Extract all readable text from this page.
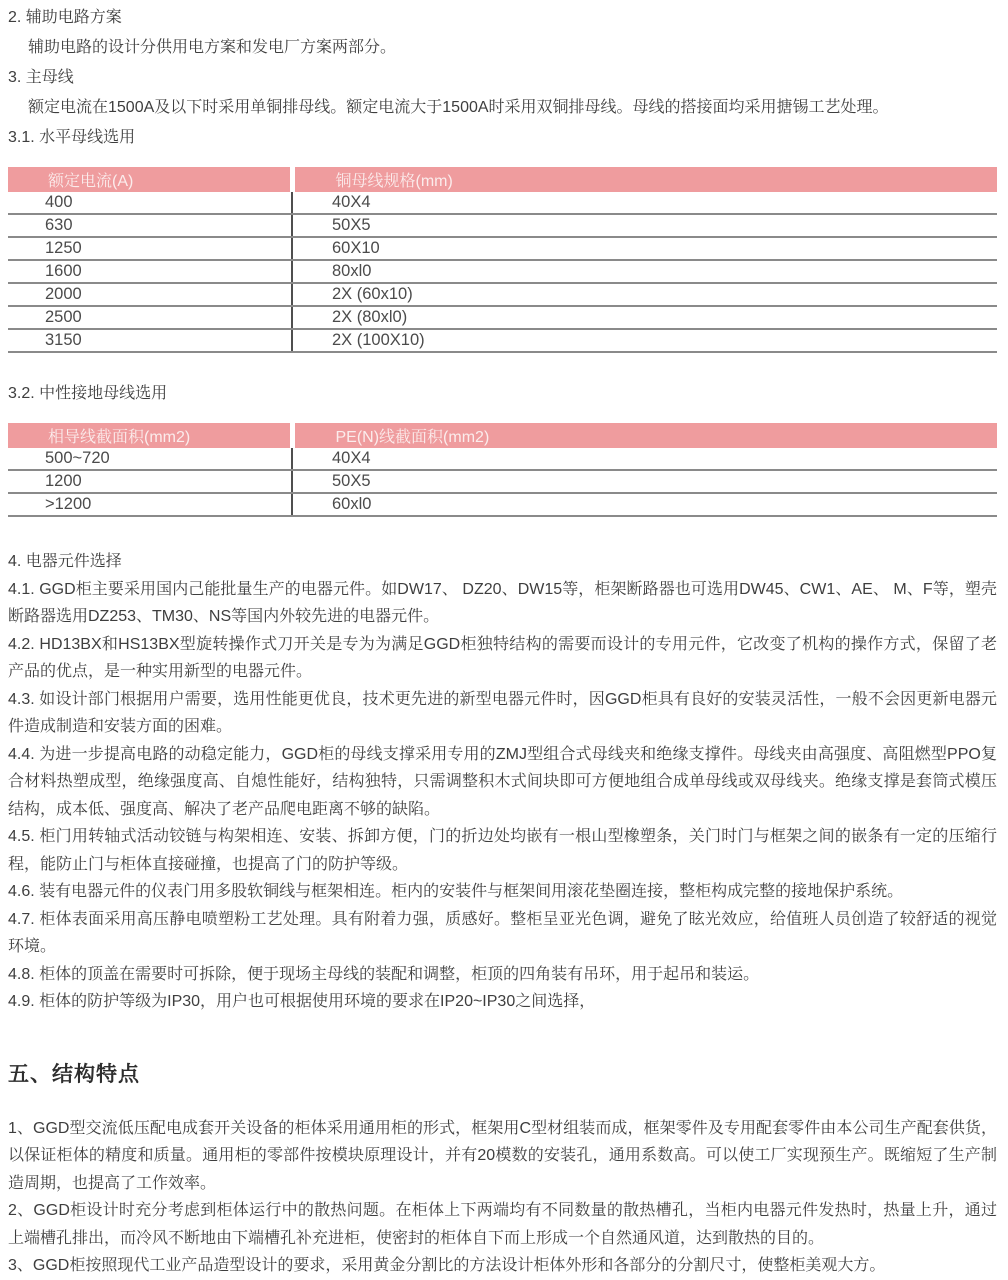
2. 辅助电路方案
辅助电路的设计分供用电方案和发电厂方案两部分。
3. 主母线
额定电流在1500A及以下时采用单铜排母线。额定电流大于1500A时采用双铜排母线。母线的搭接面均采用搪锡工艺处理。
3.1. 水平母线选用
额定电流(A)	铜母线规格(mm)
400	40X4
630	50X5
1250	60X10
1600	80xl0
2000	2X (60x10)
2500	2X (80xl0)
3150	2X (100X10)
3.2. 中性接地母线选用
相导线截面积(mm2)	PE(N)线截面积(mm2)
500~720	40X4
1200	50X5
>1200	60xl0
4. 电器元件选择
4.1. GGD柜主要采用国内己能批量生产的电器元件。如DW17、 DZ20、DW15等，柜架断路器也可选用DW45、CW1、AE、 M、F等，塑壳断路器选用DZ253、TM30、NS等国内外较先进的电器元件。
4.2. HD13BX和HS13BX型旋转操作式刀开关是专为为满足GGD柜独特结构的需要而设计的专用元件，它改变了机构的操作方式，保留了老产品的优点，是一种实用新型的电器元件。
4.3. 如设计部门根据用户需要，选用性能更优良，技术更先进的新型电器元件时，因GGD柜具有良好的安装灵活性，一般不会因更新电器元件造成制造和安装方面的困难。
4.4. 为进一步提高电路的动稳定能力，GGD柜的母线支撑采用专用的ZMJ型组合式母线夹和绝缘支撑件。母线夹由高强度、高阻燃型PPO复合材料热塑成型，绝缘强度高、自熄性能好，结构独特，只需调整积木式间块即可方便地组合成单母线或双母线夹。绝缘支撑是套筒式模压结构，成本低、强度高、解决了老产品爬电距离不够的缺陷。
4.5. 柜门用转轴式活动铰链与构架相连、安装、拆卸方便，门的折边处均嵌有一根山型橡塑条，关门时门与框架之间的嵌条有一定的压缩行程，能防止门与柜体直接碰撞，也提高了门的防护等级。
4.6. 装有电器元件的仪表门用多股软铜线与框架相连。柜内的安装件与框架间用滚花垫圈连接，整柜构成完整的接地保护系统。
4.7. 柜体表面采用高压静电喷塑粉工艺处理。具有附着力强，质感好。整柜呈亚光色调，避免了眩光效应，给值班人员创造了较舒适的视觉环境。
4.8. 柜体的顶盖在需要时可拆除，便于现场主母线的装配和调整，柜顶的四角装有吊环，用于起吊和装运。
4.9. 柜体的防护等级为IP30，用户也可根据使用环境的要求在IP20~IP30之间选择，
五、结构特点
1、GGD型交流低压配电成套开关设备的柜体采用通用柜的形式，框架用C型材组装而成，框架零件及专用配套零件由本公司生产配套供货，以保证柜体的精度和质量。通用柜的零部件按模块原理设计，并有20模数的安装孔，通用系数高。可以使工厂实现预生产。既缩短了生产制造周期，也提高了工作效率。
2、GGD柜设计时充分考虑到柜体运行中的散热问题。在柜体上下两端均有不同数量的散热槽孔，当柜内电器元件发热时，热量上升，通过上端槽孔排出，而冷风不断地由下端槽孔补充进柜，使密封的柜体自下而上形成一个自然通风道，达到散热的目的。
3、GGD柜按照现代工业产品造型设计的要求，采用黄金分割比的方法设计柜体外形和各部分的分割尺寸，使整柜美观大方。
